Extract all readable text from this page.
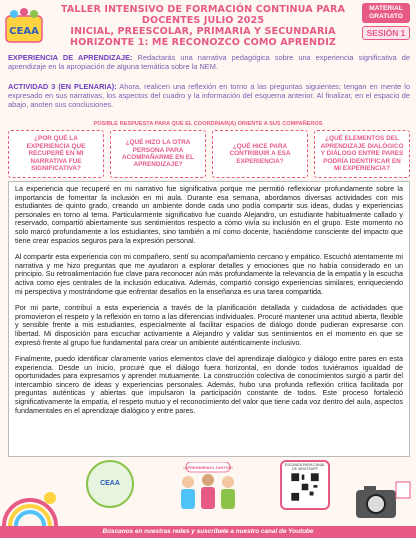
CEAA
TALLER INTENSIVO DE FORMACIÓN CONTINUA PARA DOCENTES JULIO 2025
INICIAL, PREESCOLAR, PRIMARIA Y SECUNDARIA
HORIZONTE 1: ME RECONOZCO COMO APRENDIZ
MATERIAL
GRATUITO
SESIÓN 1
EXPERIENCIA DE APRENDIZAJE: Redactarás una narrativa pedagógica sobre una experiencia significativa de aprendizaje en la apropiación de alguna temática sobre la NEM.
ACTIVIDAD 3 (EN PLENARIA): Ahora, realicen una reflexión en torno a las preguntas siguientes; tengan en mente lo expresado en sus narrativas, los aspectos del cuadro y la información del esquema anterior. Al finalizar, en el espacio de abajo, anoten sus conclusiones.
POSIBLE RESPUESTA PARA QUE EL COORDINAR(A) ORIENTE A SUS COMPAÑEROS
¿POR QUÉ LA EXPERIENCIA QUE RECUPERÉ EN MI NARRATIVA FUE SIGNIFICATIVA?
¿QUÉ HIZO LA OTRA PERSONA PARA ACOMPAÑARME EN EL APRENDIZAJE?
¿QUÉ HICE PARA CONTRIBUIR A ESA EXPERIENCIA?
¿QUÉ ELEMENTOS DEL APRENDIZAJE DIALÓGICO Y DIÁLOGO ENTRE PARES PODRÍA IDENTIFICAR EN MI EXPERIENCIA?

La experiencia que recuperé en mi narrativo fue significativa porque me permitió reflexionar profundamente sobre la importancia de fomentar la inclusión en mi aula. Durante esa semana, abordamos diversas actividades con mis estudiantes de quinto grado, creando un ambiente donde cada uno podía compartir sus ideas, dudas y experiencias personales en torno al tema. Particularmente significativo fue cuando Alejandro, un estudiante habitualmente callado y reservado, compartió abiertamente sus sentimientos respecto a cómo vivía su inclusión en el grupo. Este momento no solo marcó profundamente a los estudiantes, sino también a mí como docente, haciéndome consciente del impacto que tiene crear espacios seguros para la expresión personal.

Al compartir esta experiencia con mi compañero, sentí su acompañamiento cercano y empático. Escuchó atentamente mi narrativa y me hizo preguntas que me ayudaron a explorar detalles y emociones que no había considerado en un principio. Su retroalimentación fue clave para reconocer aún más profundamente la relevancia de la empatía y la escucha activa como ejes centrales de la inclusión educativa. Además, compartió consigo experiencias similares, enriqueciendo mi perspectiva y mostrándome que enfrentar desafíos en la enseñanza es una tarea compartida.

Por mi parte, contribuí a esta experiencia a través de la planificación detallada y cuidadosa de actividades que promovieron el respeto y la reflexión en torno a las diferencias individuales. Procuré mantener una actitud abierta, flexible y sensible frente a mis estudiantes, especialmente al facilitar espacios de diálogo donde pudieran expresarse con libertad. Mi disposición para escuchar activamente a Alejandro y validar sus sentimientos en el momento en que se expresó frente al grupo fue fundamental para crear un ambiente auténticamente inclusivo.

Finalmente, puedo identificar claramente varios elementos clave del aprendizaje dialógico y diálogo entre pares en esta experiencia. Desde un inicio, procuré que el diálogo fuera horizontal, en donde todos tuviéramos igualdad de oportunidades para expresarnos y aprender mutuamente. La construcción colectiva de conocimientos surgió a partir del intercambio sincero de ideas y experiencias personales. Además, hubo una profunda reflexión crítica facilitada por preguntas auténticas y abiertas que impulsaron la participación constante de todos. Este proceso fortaleció significativamente la empatía, el respeto mutuo y el reconocimiento del valor que tiene cada voz dentro del aula, aspectos fundamentales en el aprendizaje dialógico y entre pares.

CEAA
¡APRENDIENDO JUNTOS!	ESCANEA PARA CANAL DE WHATSAPP
Búscanos en nuestras redes y suscríbete a nuestro canal de Youtube
